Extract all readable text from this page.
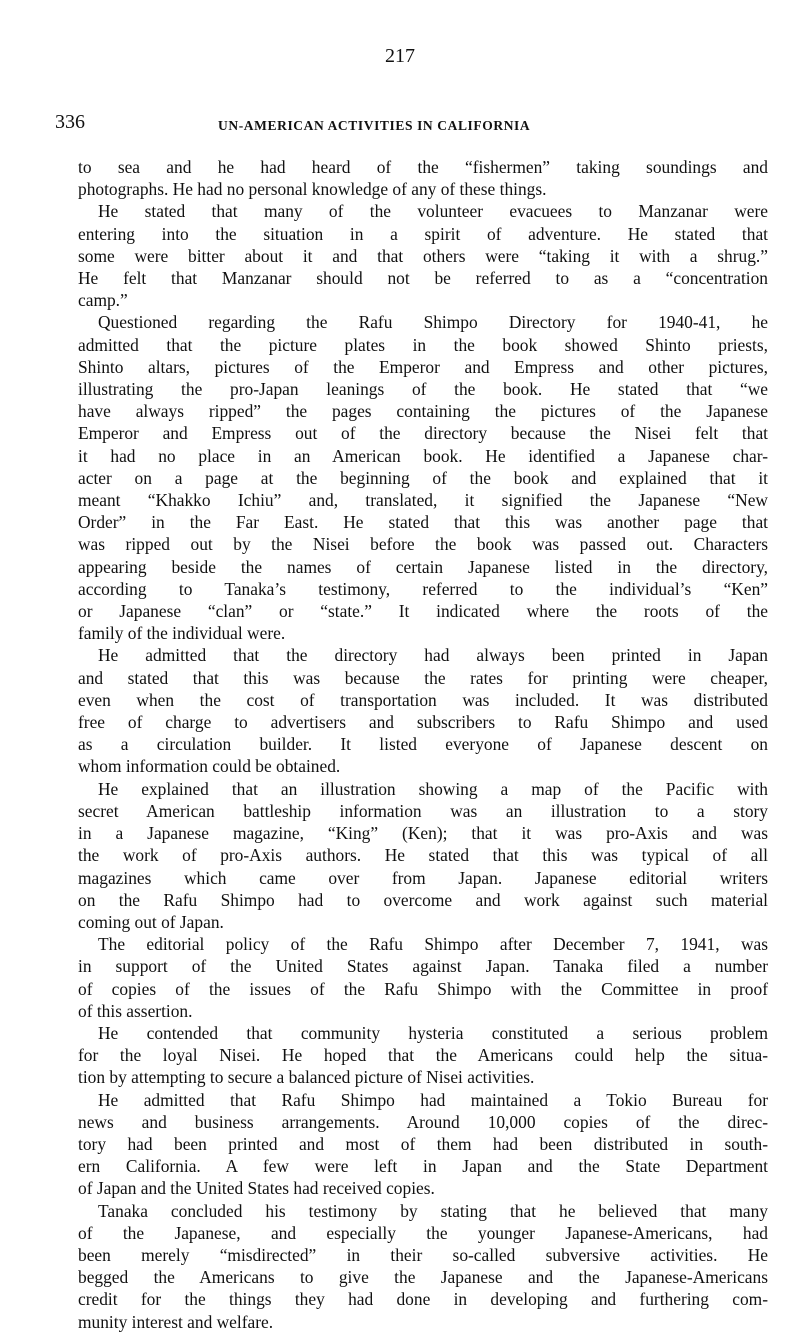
217
336	UN-AMERICAN ACTIVITIES IN CALIFORNIA
to sea and he had heard of the “fishermen” taking soundings and
photographs. He had no personal knowledge of any of these things.
He stated that many of the volunteer evacuees to Manzanar were
entering into the situation in a spirit of adventure. He stated that
some were bitter about it and that others were “taking it with a shrug.”
He felt that Manzanar should not be referred to as a “concentration
camp.”
Questioned regarding the Rafu Shimpo Directory for 1940-41, he
admitted that the picture plates in the book showed Shinto priests,
Shinto altars, pictures of the Emperor and Empress and other pictures,
illustrating the pro-Japan leanings of the book. He stated that “we
have always ripped” the pages containing the pictures of the Japanese
Emperor and Empress out of the directory because the Nisei felt that
it had no place in an American book. He identified a Japanese char-
acter on a page at the beginning of the book and explained that it
meant “Khakko Ichiu” and, translated, it signified the Japanese “New
Order” in the Far East. He stated that this was another page that
was ripped out by the Nisei before the book was passed out. Characters
appearing beside the names of certain Japanese listed in the directory,
according to Tanaka’s testimony, referred to the individual’s “Ken”
or Japanese “clan” or “state.” It indicated where the roots of the
family of the individual were.
He admitted that the directory had always been printed in Japan
and stated that this was because the rates for printing were cheaper,
even when the cost of transportation was included. It was distributed
free of charge to advertisers and subscribers to Rafu Shimpo and used
as a circulation builder. It listed everyone of Japanese descent on
whom information could be obtained.
He explained that an illustration showing a map of the Pacific with
secret American battleship information was an illustration to a story
in a Japanese magazine, “King” (Ken); that it was pro-Axis and was
the work of pro-Axis authors. He stated that this was typical of all
magazines which came over from Japan. Japanese editorial writers
on the Rafu Shimpo had to overcome and work against such material
coming out of Japan.
The editorial policy of the Rafu Shimpo after December 7, 1941, was
in support of the United States against Japan. Tanaka filed a number
of copies of the issues of the Rafu Shimpo with the Committee in proof
of this assertion.
He contended that community hysteria constituted a serious problem
for the loyal Nisei. He hoped that the Americans could help the situa-
tion by attempting to secure a balanced picture of Nisei activities.
He admitted that Rafu Shimpo had maintained a Tokio Bureau for
news and business arrangements. Around 10,000 copies of the direc-
tory had been printed and most of them had been distributed in south-
ern California. A few were left in Japan and the State Department
of Japan and the United States had received copies.
Tanaka concluded his testimony by stating that he believed that many
of the Japanese, and especially the younger Japanese-Americans, had
been merely “misdirected” in their so-called subversive activities. He
begged the Americans to give the Japanese and the Japanese-Americans
credit for the things they had done in developing and furthering com-
munity interest and welfare.
